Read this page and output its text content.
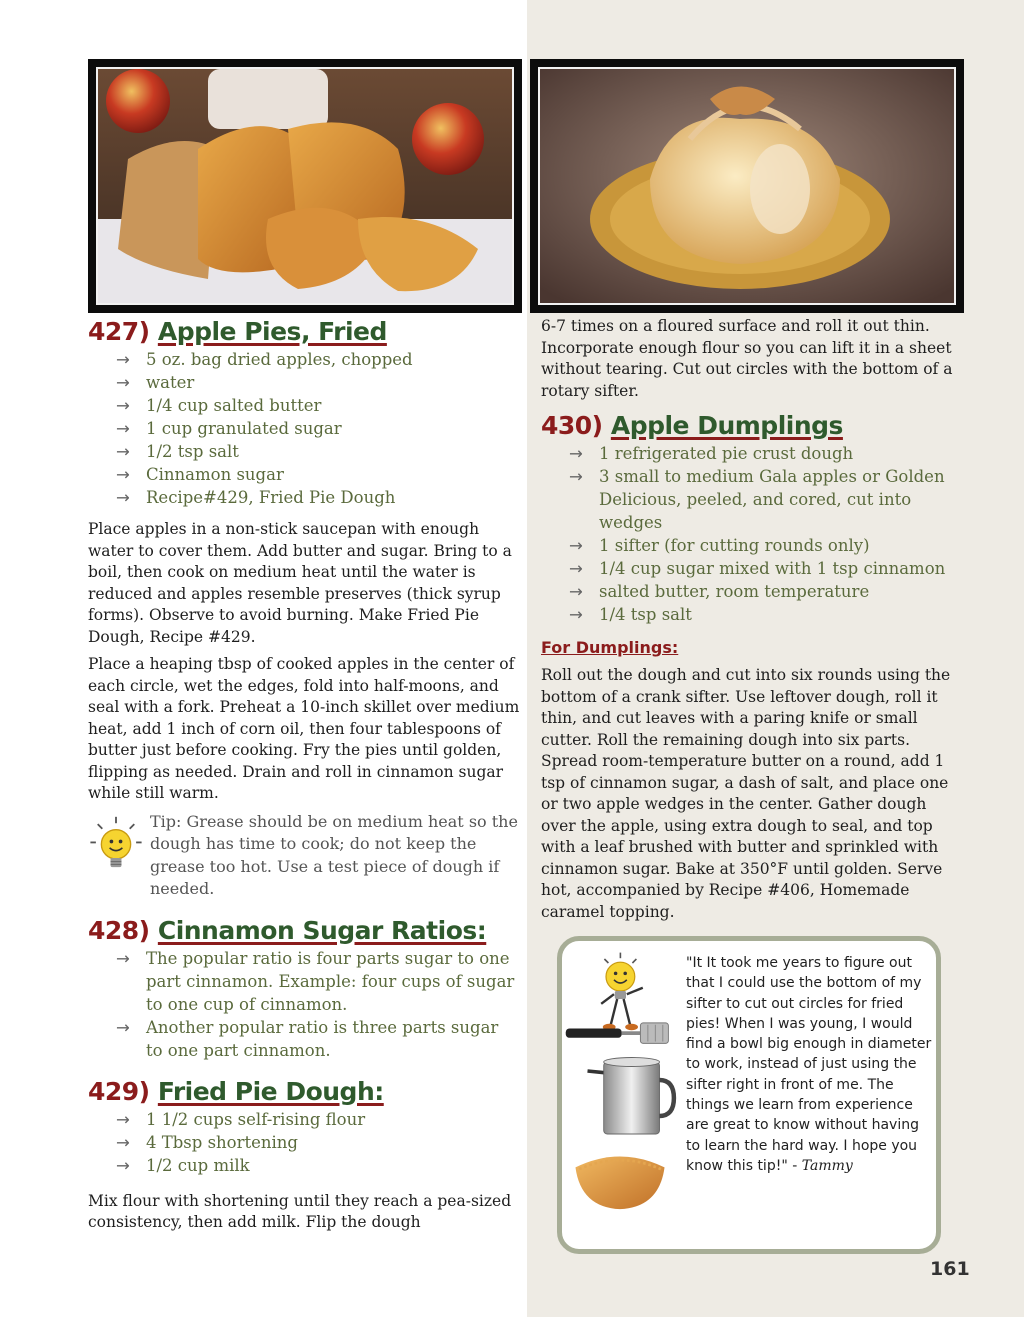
427) Apple Pies, Fried
→ 5 oz. bag dried apples, chopped
→ water
→ 1/4 cup salted butter
→ 1 cup granulated sugar
→ 1/2 tsp salt
→ Cinnamon sugar
→ Recipe#429, Fried Pie Dough

Place apples in a non-stick saucepan with enough water to cover them. Add butter and sugar. Bring to a boil, then cook on medium heat until the water is reduced and apples resemble preserves (thick syrup forms). Observe to avoid burning. Make Fried Pie Dough, Recipe #429.

Place a heaping tbsp of cooked apples in the center of each circle, wet the edges, fold into half-moons, and seal with a fork. Preheat a 10-inch skillet over medium heat, add 1 inch of corn oil, then four tablespoons of butter just before cooking. Fry the pies until golden, flipping as needed. Drain and roll in cinnamon sugar while still warm.

Tip: Grease should be on medium heat so the dough has time to cook; do not keep the grease too hot. Use a test piece of dough if needed.

428) Cinnamon Sugar Ratios:
→ The popular ratio is four parts sugar to one part cinnamon. Example: four cups of sugar to one cup of cinnamon.
→ Another popular ratio is three parts sugar to one part cinnamon.
429) Fried Pie Dough:
→ 1 1/2 cups self-rising flour
→ 4 Tbsp shortening
→ 1/2 cup milk

Mix flour with shortening until they reach a pea-sized consistency, then add milk. Flip the dough

6-7 times on a floured surface and roll it out thin. Incorporate enough flour so you can lift it in a sheet without tearing. Cut out circles with the bottom of a rotary sifter.

430) Apple Dumplings
→ 1 refrigerated pie crust dough
→ 3 small to medium Gala apples or Golden Delicious, peeled, and cored, cut into wedges
→ 1 sifter (for cutting rounds only)
→ 1/4 cup sugar mixed with 1 tsp cinnamon
→ salted butter, room temperature
→ 1/4 tsp salt

For Dumplings:

Roll out the dough and cut into six rounds using the bottom of a crank sifter. Use leftover dough, roll it thin, and cut leaves with a paring knife or small cutter. Roll the remaining dough into six parts. Spread room-temperature butter on a round, add 1 tsp of cinnamon sugar, a dash of salt, and place one or two apple wedges in the center. Gather dough over the apple, using extra dough to seal, and top with a leaf brushed with butter and sprinkled with cinnamon sugar. Bake at 350°F until golden. Serve hot, accompanied by Recipe #406, Homemade caramel topping.

"It It took me years to figure out that I could use the bottom of my sifter to cut out circles for fried pies! When I was young, I would find a bowl big enough in diameter to work, instead of just using the sifter right in front of me. The things we learn from experience are great to know without having to learn the hard way. I hope you know this tip!" - Tammy

161
